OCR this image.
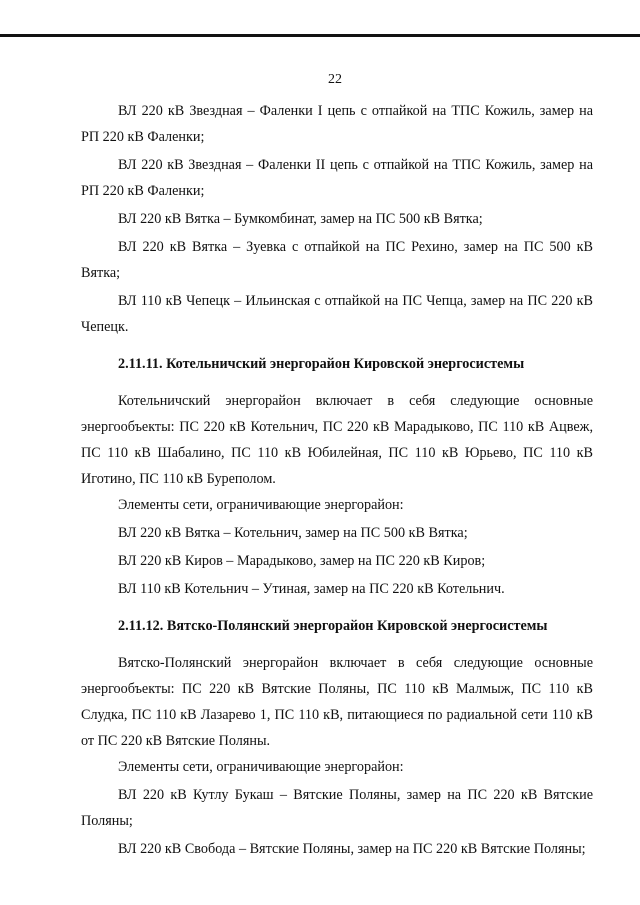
22

ВЛ 220 кВ Звездная – Фаленки I цепь с отпайкой на ТПС Кожиль, замер на РП 220 кВ Фаленки;

ВЛ 220 кВ Звездная – Фаленки II цепь с отпайкой на ТПС Кожиль, замер на РП 220 кВ Фаленки;

ВЛ 220 кВ Вятка – Бумкомбинат, замер на ПС 500 кВ Вятка;

ВЛ 220 кВ Вятка – Зуевка с отпайкой на ПС Рехино, замер на ПС 500 кВ Вятка;

ВЛ 110 кВ Чепецк – Ильинская с отпайкой на ПС Чепца, замер на ПС 220 кВ Чепецк.

2.11.11. Котельничский энергорайон Кировской энергосистемы

Котельничский энергорайон включает в себя следующие основные энергообъекты: ПС 220 кВ Котельнич, ПС 220 кВ Марадыково, ПС 110 кВ Ацвеж, ПС 110 кВ Шабалино, ПС 110 кВ Юбилейная, ПС 110 кВ Юрьево, ПС 110 кВ Иготино, ПС 110 кВ Буреполом.

Элементы сети, ограничивающие энергорайон:

ВЛ 220 кВ Вятка – Котельнич, замер на ПС 500 кВ Вятка;

ВЛ 220 кВ Киров – Марадыково, замер на ПС 220 кВ Киров;

ВЛ 110 кВ Котельнич – Утиная, замер на ПС 220 кВ Котельнич.

2.11.12. Вятско-Полянский энергорайон Кировской энергосистемы

Вятско-Полянский энергорайон включает в себя следующие основные энергообъекты: ПС 220 кВ Вятские Поляны, ПС 110 кВ Малмыж, ПС 110 кВ Слудка, ПС 110 кВ Лазарево 1, ПС 110 кВ, питающиеся по радиальной сети 110 кВ от ПС 220 кВ Вятские Поляны.

Элементы сети, ограничивающие энергорайон:

ВЛ 220 кВ Кутлу Букаш – Вятские Поляны, замер на ПС 220 кВ Вятские Поляны;

ВЛ 220 кВ Свобода – Вятские Поляны, замер на ПС 220 кВ Вятские Поляны;
